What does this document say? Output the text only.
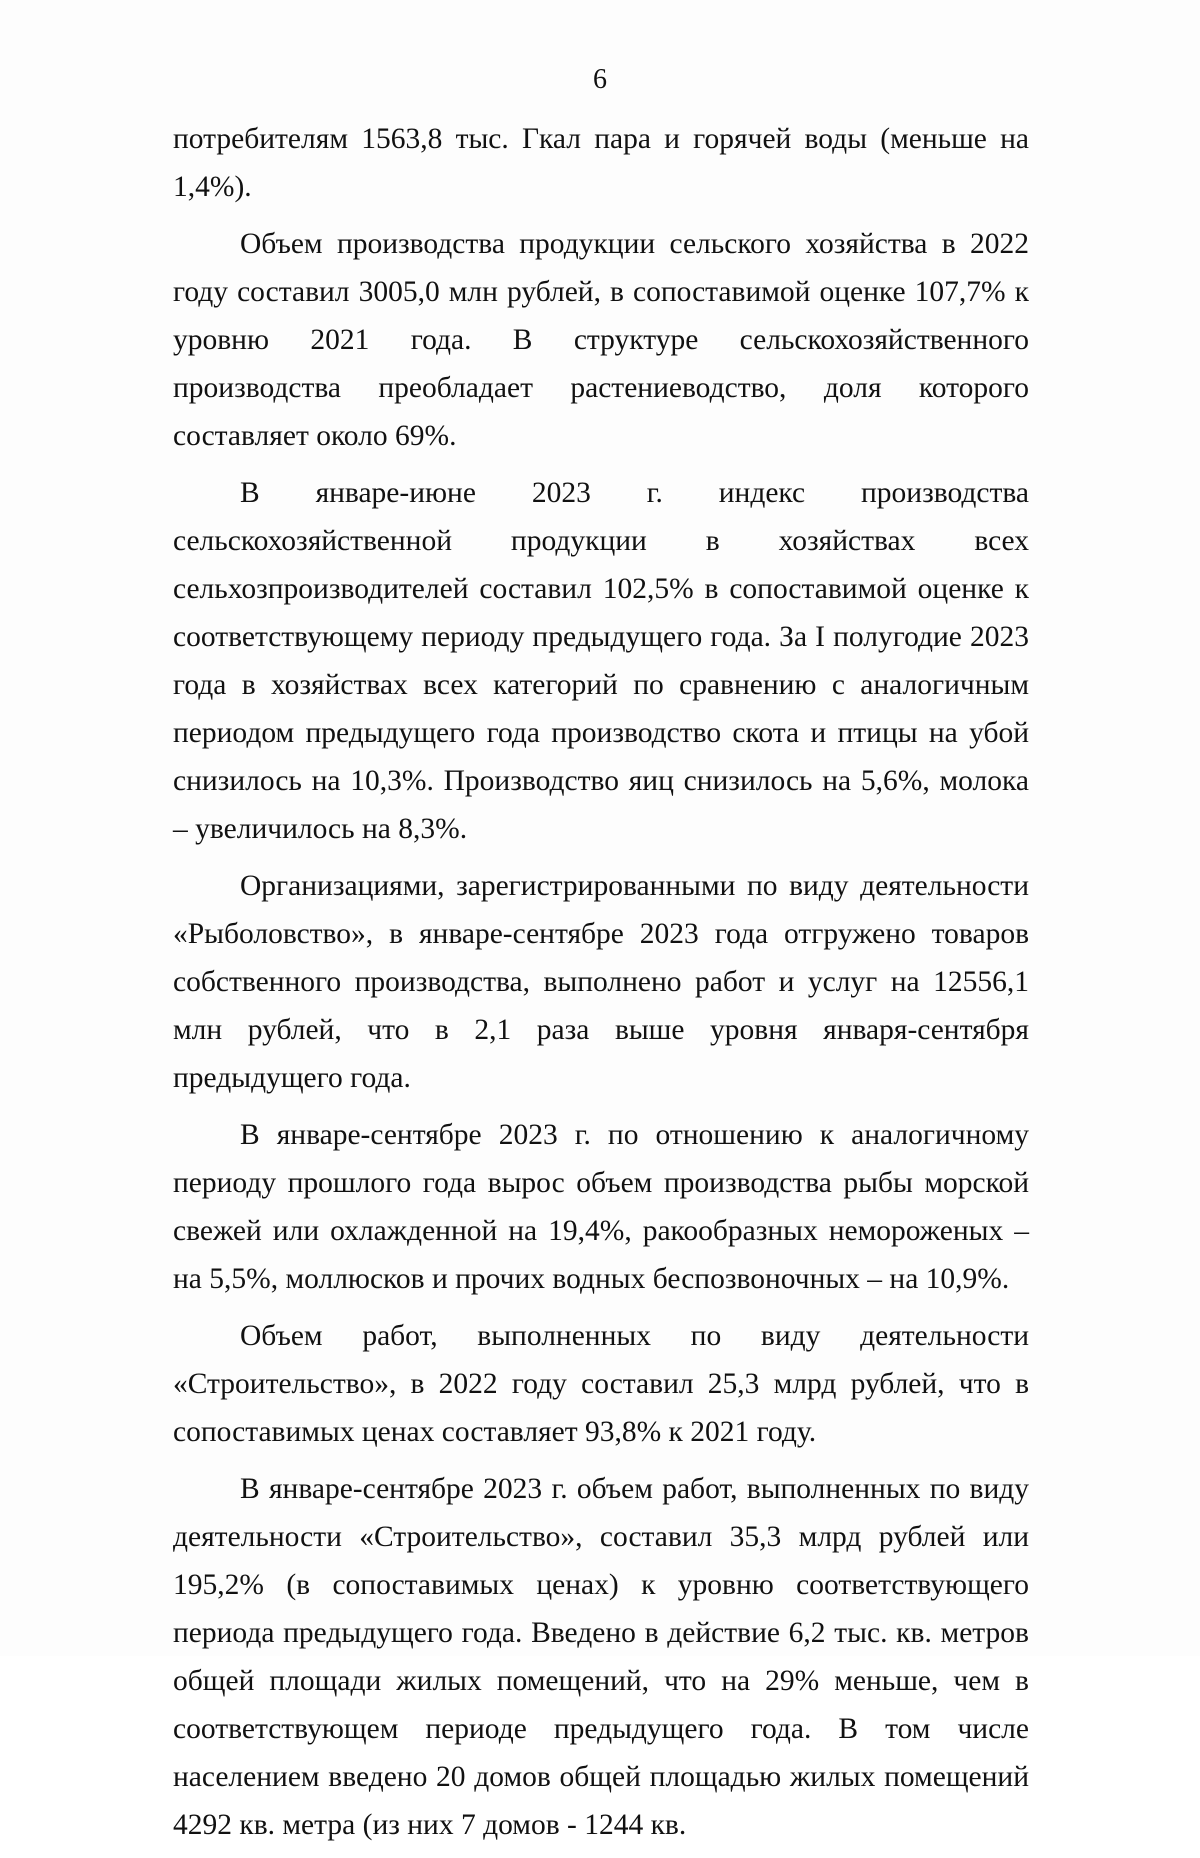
6

потребителям 1563,8 тыс. Гкал пара и горячей воды (меньше на 1,4%).

Объем производства продукции сельского хозяйства в 2022 году составил 3005,0 млн рублей, в сопоставимой оценке 107,7% к уровню 2021 года. В структуре сельскохозяйственного производства преобладает растениеводство, доля которого составляет около 69%.

В январе-июне 2023 г. индекс производства сельскохозяйственной продукции в хозяйствах всех сельхозпроизводителей составил 102,5% в сопоставимой оценке к соответствующему периоду предыдущего года. За I полугодие 2023 года в хозяйствах всех категорий по сравнению с аналогичным периодом предыдущего года производство скота и птицы на убой снизилось на 10,3%. Производство яиц снизилось на 5,6%, молока – увеличилось на 8,3%.

Организациями, зарегистрированными по виду деятельности «Рыболовство», в январе-сентябре 2023 года отгружено товаров собственного производства, выполнено работ и услуг на 12556,1 млн рублей, что в 2,1 раза выше уровня января-сентября предыдущего года.

В январе-сентябре 2023 г. по отношению к аналогичному периоду прошлого года вырос объем производства рыбы морской свежей или охлажденной на 19,4%, ракообразных немороженых – на 5,5%, моллюсков и прочих водных беспозвоночных – на 10,9%.

Объем работ, выполненных по виду деятельности «Строительство», в 2022 году составил 25,3 млрд рублей, что в сопоставимых ценах составляет 93,8% к 2021 году.

В январе-сентябре 2023 г. объем работ, выполненных по виду деятельности «Строительство», составил 35,3 млрд рублей или 195,2% (в сопоставимых ценах) к уровню соответствующего периода предыдущего года. Введено в действие 6,2 тыс. кв. метров общей площади жилых помещений, что на 29% меньше, чем в соответствующем периоде предыдущего года. В том числе населением введено 20 домов общей площадью жилых помещений 4292 кв. метра (из них 7 домов - 1244 кв.
